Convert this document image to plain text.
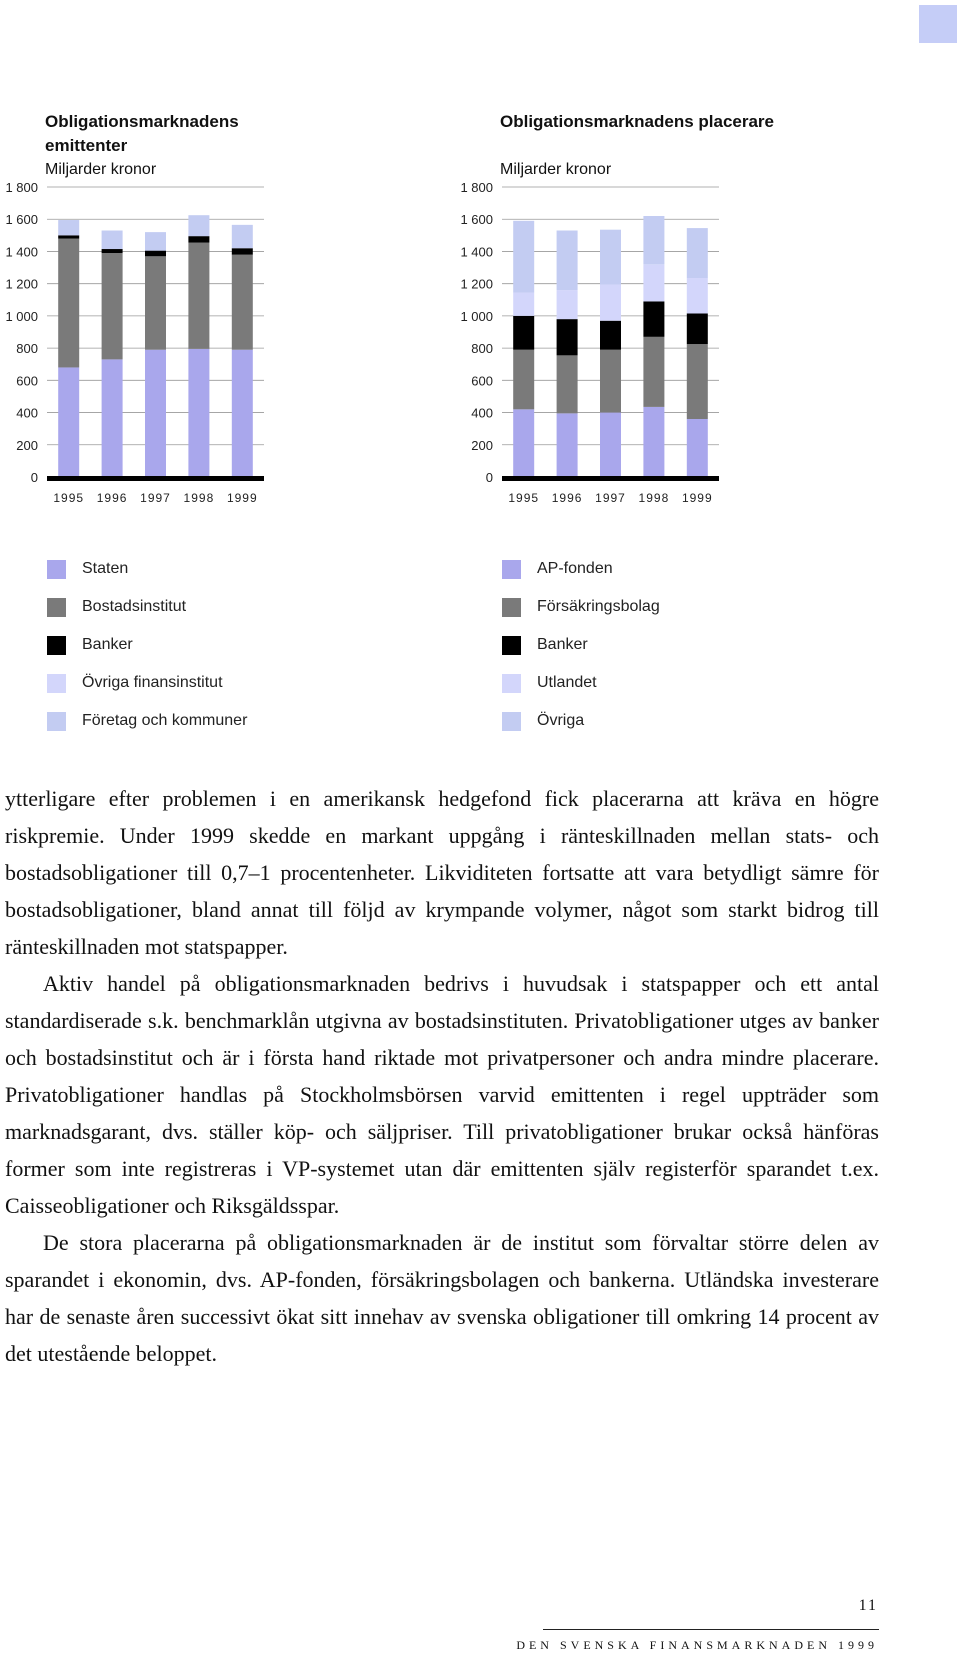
0
200
400
600
800
1 000
1 200
1 400
1 600
1 800
1995 1996 1997 1998 1999
Obligationsmarknadens emittenter
Miljarder kronor
Staten
Bostadsinstitut
Banker
Övriga finansinstitut
Företag och kommuner
0
200
400
600
800
1 000
1 200
1 400
1 600
1 800
1995 1996 1997 1998 1999
Obligationsmarknadens placerare
Miljarder kronor
AP-fonden
Försäkringsbolag
Banker
Utlandet
Övriga

ytterligare efter problemen i en amerikansk hedgefond fick placerarna att kräva en högre riskpremie. Under 1999 skedde en markant uppgång i ränteskillnaden mellan stats- och bostadsobligationer till 0,7–1 procentenheter. Likviditeten fortsatte att vara betydligt sämre för bostadsobligationer, bland annat till följd av krympande volymer, något som starkt bidrog till ränteskillnaden mot statspapper.

Aktiv handel på obligationsmarknaden bedrivs i huvudsak i statspapper och ett antal standardiserade s.k. benchmarklån utgivna av bostadsinstituten. Privatobligationer utges av banker och bostadsinstitut och är i första hand riktade mot privatpersoner och andra mindre placerare. Privatobligationer handlas på Stockholmsbörsen varvid emittenten i regel uppträder som marknadsgarant, dvs. ställer köp- och säljpriser. Till privatobligationer brukar också hänföras former som inte registreras i VP-systemet utan där emittenten själv registerför sparandet t.ex. Caisseobligationer och Riksgäldsspar.

De stora placerarna på obligationsmarknaden är de institut som förvaltar större delen av sparandet i ekonomin, dvs. AP-fonden, försäkringsbolagen och bankerna. Utländska investerare har de senaste åren successivt ökat sitt innehav av svenska obligationer till omkring 14 procent av det utestående beloppet.

11
DEN SVENSKA FINANSMARKNADEN 1999
